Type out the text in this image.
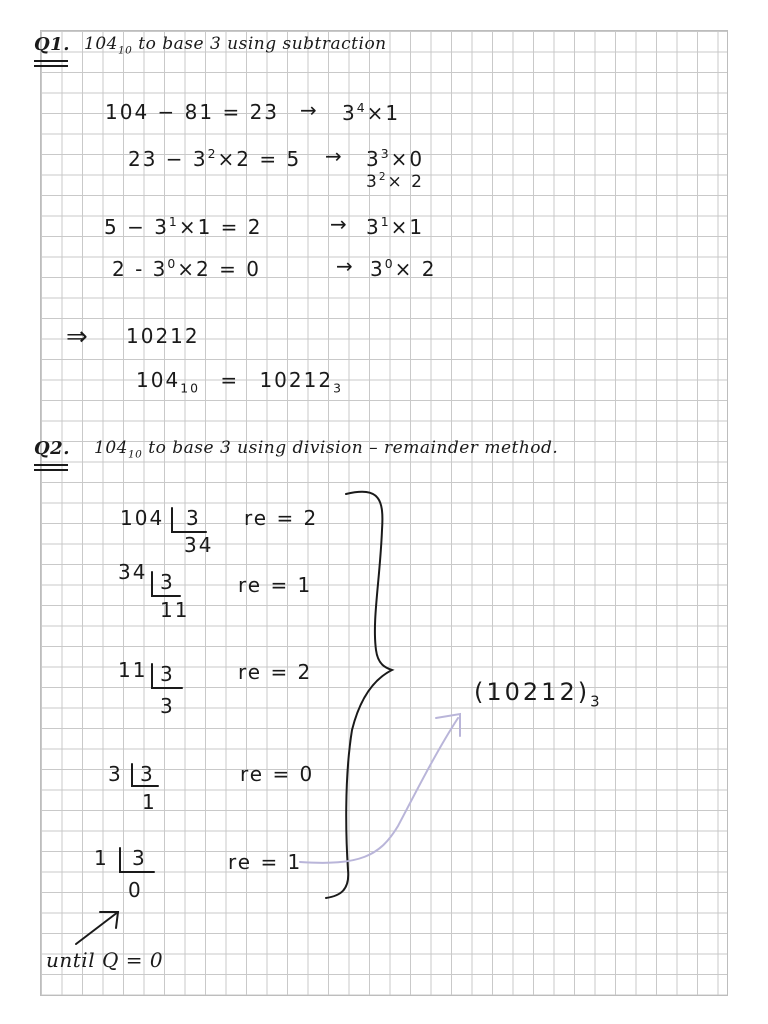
Q1. $104_{10}$ to base 3 using subtraction
$104 - 81 = 23 \to 3^4\times 1$
$23 - 3^2\times 2 = 5 \to 3^3\times 0$
$3^2\times 2$
$5 - 3^1\times 1 = 2$	→ $3^1\times 1$
$2 - 3^0\times 2 = 0$	→ $3^0\times 2$
⇒ 10212
$104_{10} = 10212_3$
Q2. $104_{10}$ to base 3 using division – remainder method.
104 3
34
re = 2
34 3
11
re = 1
11 3
3
re = 2
3 3
1
re = 0
1 3
0
re = 1
$(10212)_3$
until Q = 0
